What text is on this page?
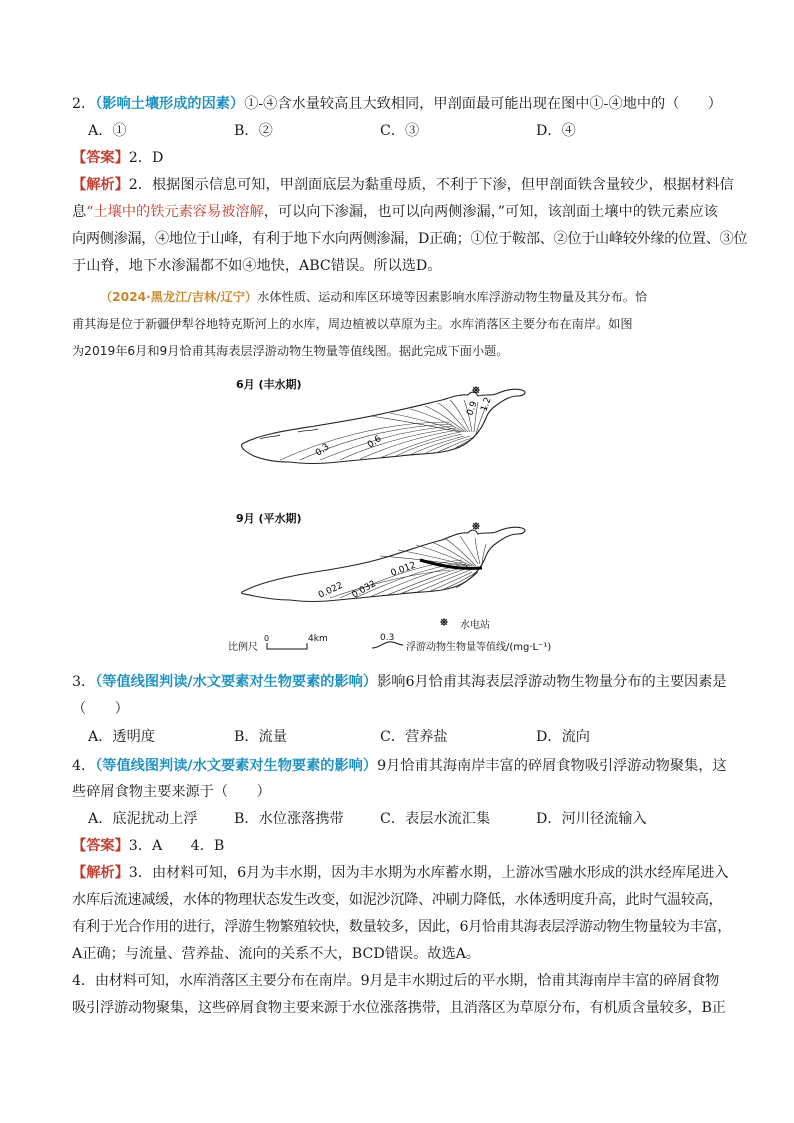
2．（影响土壤形成的因素）①-④含水量较高且大致相同，甲剖面最可能出现在图中①-④地中的（　　）
A．①	B．②	C．③	D．④
【答案】2．D
【解析】2．根据图示信息可知，甲剖面底层为黏重母质，不利于下渗，但甲剖面铁含量较少，根据材料信
息“土壤中的铁元素容易被溶解，可以向下渗漏，也可以向两侧渗漏，”可知，该剖面土壤中的铁元素应该
向两侧渗漏，④地位于山峰，有利于地下水向两侧渗漏，D正确；①位于鞍部、②位于山峰较外缘的位置、③位
于山脊，地下水渗漏都不如④地快，ABC错误。所以选D。
（2024·黑龙江/吉林/辽宁）水体性质、运动和库区环境等因素影响水库浮游动物生物量及其分布。恰
甫其海是位于新疆伊犁谷地特克斯河上的水库，周边植被以草原为主。水库消落区主要分布在南岸。如图
为2019年6月和9月恰甫其海表层浮游动物生物量等值线图。据此完成下面小题。
6月 (丰水期)
0.3	0.6
0.9 1.2
9月 (平水期)
0.012
0.022 0.032
水电站
比例尺
0	4km	0.3
浮游动物生物量等值线/(mg·L⁻¹)
3．（等值线图判读/水文要素对生物要素的影响）影响6月恰甫其海表层浮游动物生物量分布的主要因素是
（　　）
A．透明度	B．流量	C．营养盐	D．流向
4．（等值线图判读/水文要素对生物要素的影响）9月恰甫其海南岸丰富的碎屑食物吸引浮游动物聚集，这
些碎屑食物主要来源于（　　）
A．底泥扰动上浮	B．水位涨落携带	C．表层水流汇集	D．河川径流输入
【答案】3．A　　4．B
【解析】3．由材料可知，6月为丰水期，因为丰水期为水库蓄水期，上游冰雪融水形成的洪水经库尾进入
水库后流速减缓，水体的物理状态发生改变，如泥沙沉降、冲刷力降低，水体透明度升高，此时气温较高，
有利于光合作用的进行，浮游生物繁殖较快，数量较多，因此，6月恰甫其海表层浮游动物生物量较为丰富，
A正确；与流量、营养盐、流向的关系不大，BCD错误。故选A。
4．由材料可知，水库消落区主要分布在南岸。9月是丰水期过后的平水期，恰甫其海南岸丰富的碎屑食物
吸引浮游动物聚集，这些碎屑食物主要来源于水位涨落携带，且消落区为草原分布，有机质含量较多，B正
